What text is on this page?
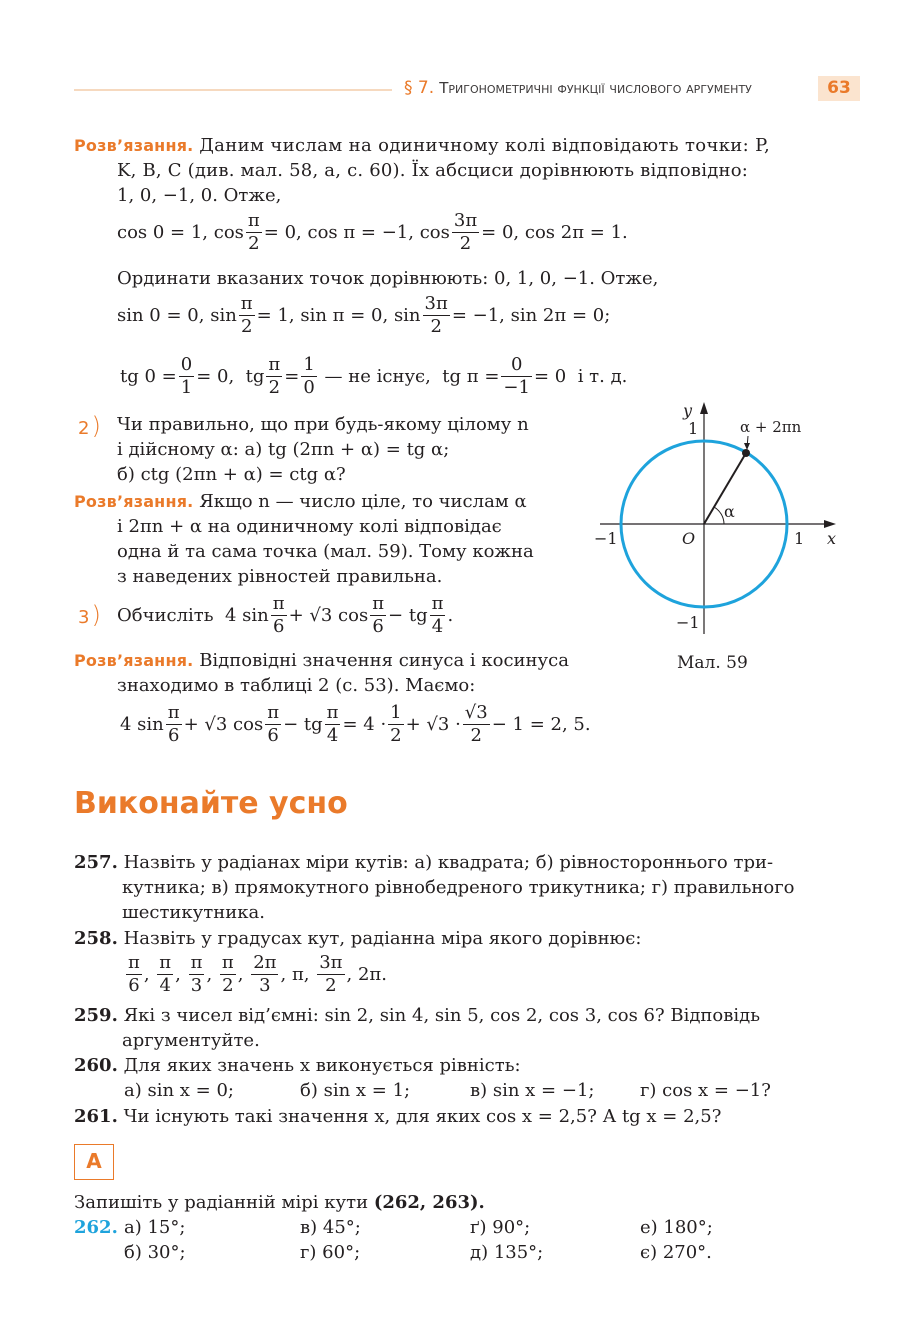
§ 7. Тригонометричні функції числового аргументу	63
Розв’язання. Даним числам на одиничному колі відповідають точки: P,
K, B, C (див. мал. 58, a, с. 60). Їх абсциси дорівнюють відповідно:
1, 0, −1, 0. Отже,
cos 0 = 1,
$\cos \frac{\pi}{2} = 0$,
cos π = −1,
$\cos \frac{3\pi}{2} = 0$,
cos 2π = 1.
Ординати вказаних точок дорівнюють: 0, 1, 0, −1. Отже,
sin 0 = 0,
$\sin \frac{\pi}{2} = 1$,
sin π = 0,
$\sin \frac{3\pi}{2} = -1$,
sin 2π = 0;
tg $0 = \frac{0}{1} = 0$,
tg $\frac{\pi}{2} = \frac{1}{0}$
— не існує,
tg $\pi = \frac{0}{-1} = 0$
і т. д.
2) Чи правильно, що при будь-якому цілому n
і дійсному α: а) tg (2πn + α) = tg α;
б) ctg (2πn + α) = ctg α?
Розв’язання. Якщо n — число ціле, то числам α
і 2πn + α на одиничному колі відповідає
одна й та сама точка (мал. 59). Тому кожна
з наведених рівностей правильна.
3) Обчисліть
4 $\sin \frac{\pi}{6} + √3$ $\cos \frac{\pi}{6}$ − tg $\frac{\pi}{4}$ .
Розв’язання. Відповідні значення синуса і косинуса
знаходимо в таблиці 2 (с. 53). Маємо:
4 $\sin \frac{\pi}{6} + √3$ $\cos \frac{\pi}{6}$ − tg $\frac{\pi}{4} = 4 \cdot \frac{1}{2} + √3 \cdot \frac{√3}{2} - 1 = 2$, 5.
y
x
O
1
−1	1
−1
α
α + 2πn
Мал. 59
Виконайте усно
257. Назвіть у радіанах міри кутів: а) квадрата; б) рівностороннього три-
кутника; в) прямокутного рівнобедреного трикутника; г) правильного
шестикутника.
258. Назвіть у градусах кут, радіанна міра якого дорівнює:
$\frac{\pi}{6}$ , $\frac{\pi}{4}$ , $\frac{\pi}{3}$ , $\frac{\pi}{2}$ , $\frac{2\pi}{3}$ , π,
$\frac{3\pi}{2}$ , 2π.
259. Які з чисел від’ємні: sin 2, sin 4, sin 5, cos 2, cos 3, cos 6? Відповідь
аргументуйте.
260. Для яких значень x виконується рівність:
а) sin x = 0;	б) sin x = 1;	в) sin x = −1;	г) cos x = −1?
261. Чи існують такі значення x, для яких cos x = 2,5? А tg x = 2,5?
A
Запишіть у радіанній мірі кути (262, 263).
262. а) 15°;	в) 45°;	ґ) 90°;	е) 180°;
б) 30°;	г) 60°;	д) 135°;	є) 270°.
